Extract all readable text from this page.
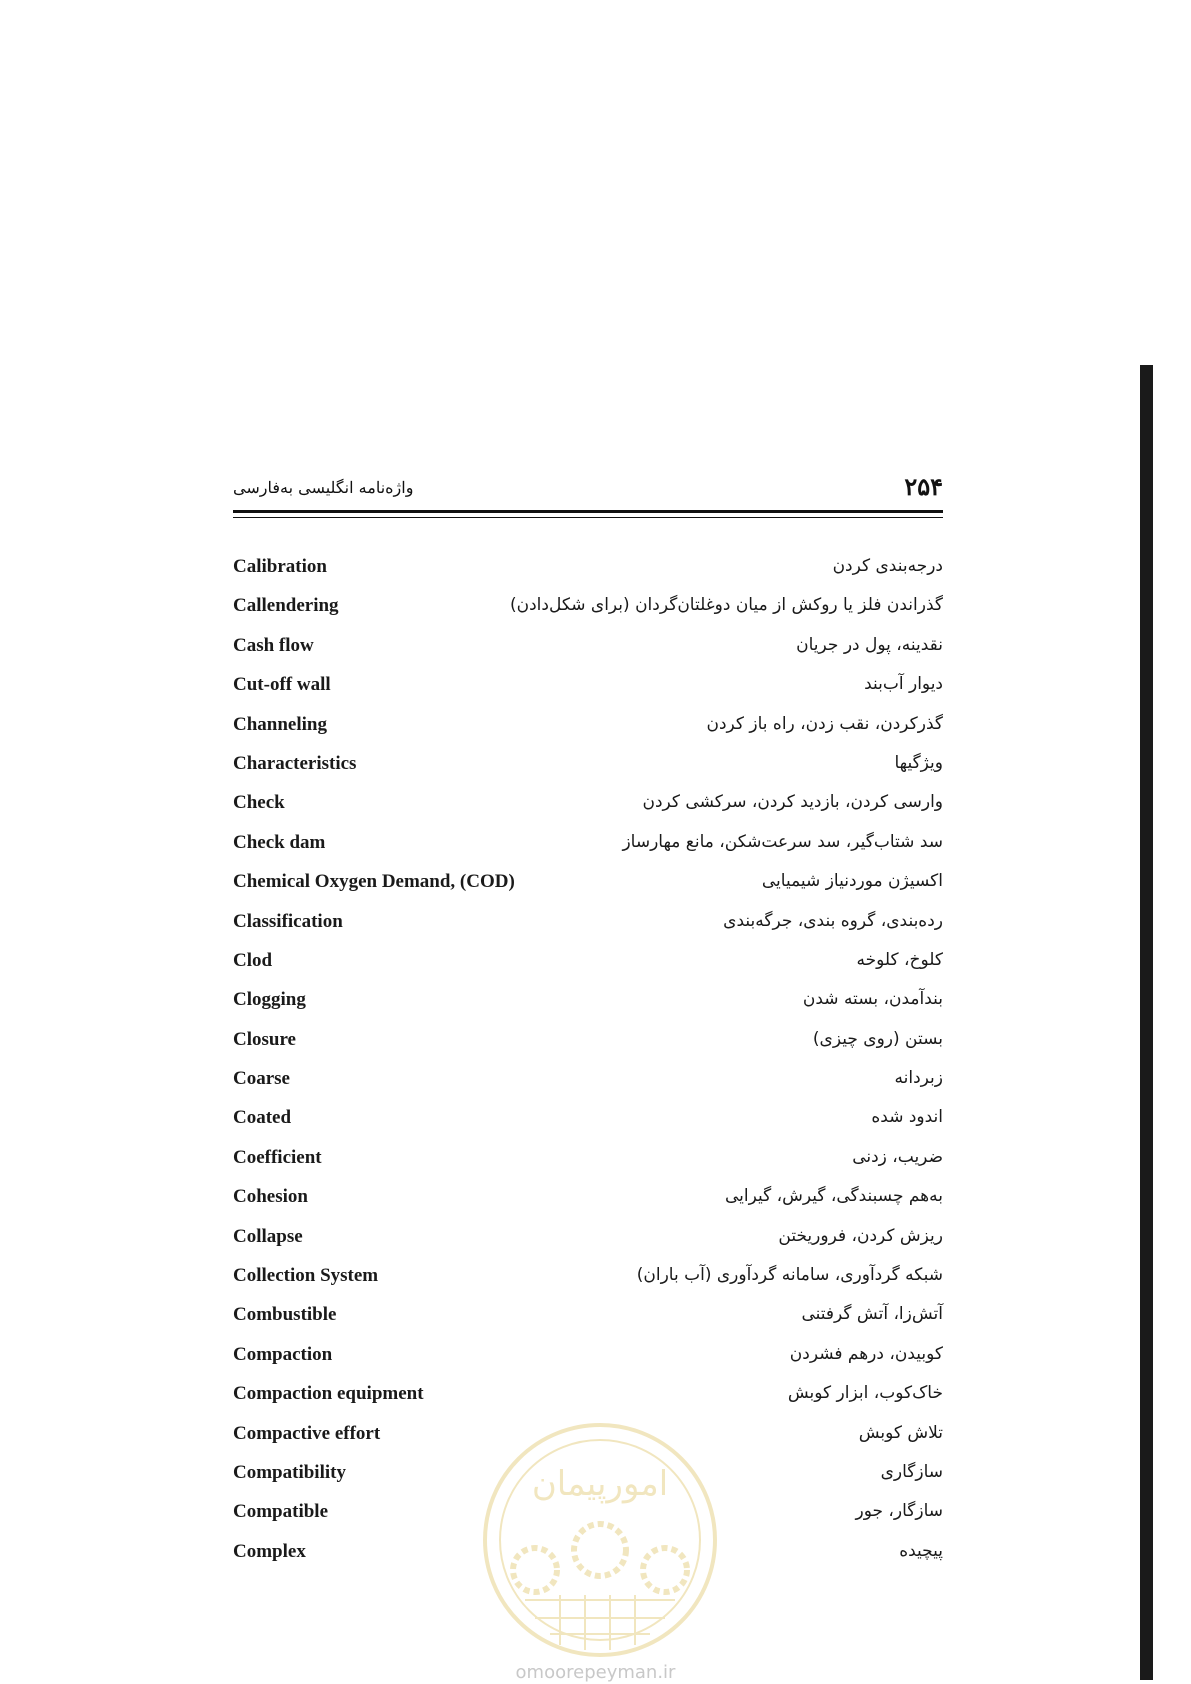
واژه‌نامه انگلیسی به‌فارسی	۲۵۴
Calibration	درجه‌بندی کردن
Callendering	گذراندن فلز یا روکش از میان دوغلتان‌گردان (برای شکل‌دادن)
Cash flow	نقدینه، پول در جریان
Cut-off wall	دیوار آب‌بند
Channeling	گذرکردن، نقب زدن، راه باز کردن
Characteristics	ویژگیها
Check	وارسی کردن، بازدید کردن، سرکشی کردن
Check dam	سد شتاب‌گیر، سد سرعت‌شکن، مانع مهارساز
Chemical Oxygen Demand, (COD)	اکسیژن موردنیاز شیمیایی
Classification	رده‌بندی، گروه بندی، جرگه‌بندی
Clod	کلوخ، کلوخه
Clogging	بندآمدن، بسته شدن
Closure	بستن (روی چیزی)
Coarse	زبردانه
Coated	اندود شده
Coefficient	ضریب، زدنی
Cohesion	به‌هم چسبندگی، گیرش، گیرایی
Collapse	ریزش کردن، فروریختن
Collection System	شبکه گردآوری، سامانه گردآوری (آب باران)
Combustible	آتش‌زا، آتش گرفتنی
Compaction	کوبیدن، درهم فشردن
Compaction equipment	خاک‌کوب، ابزار کوبش
Compactive effort	تلاش کوبش
Compatibility	سازگاری
Compatible	سازگار، جور
Complex	پیچیده
امورپیمان
omoorepeyman.ir
